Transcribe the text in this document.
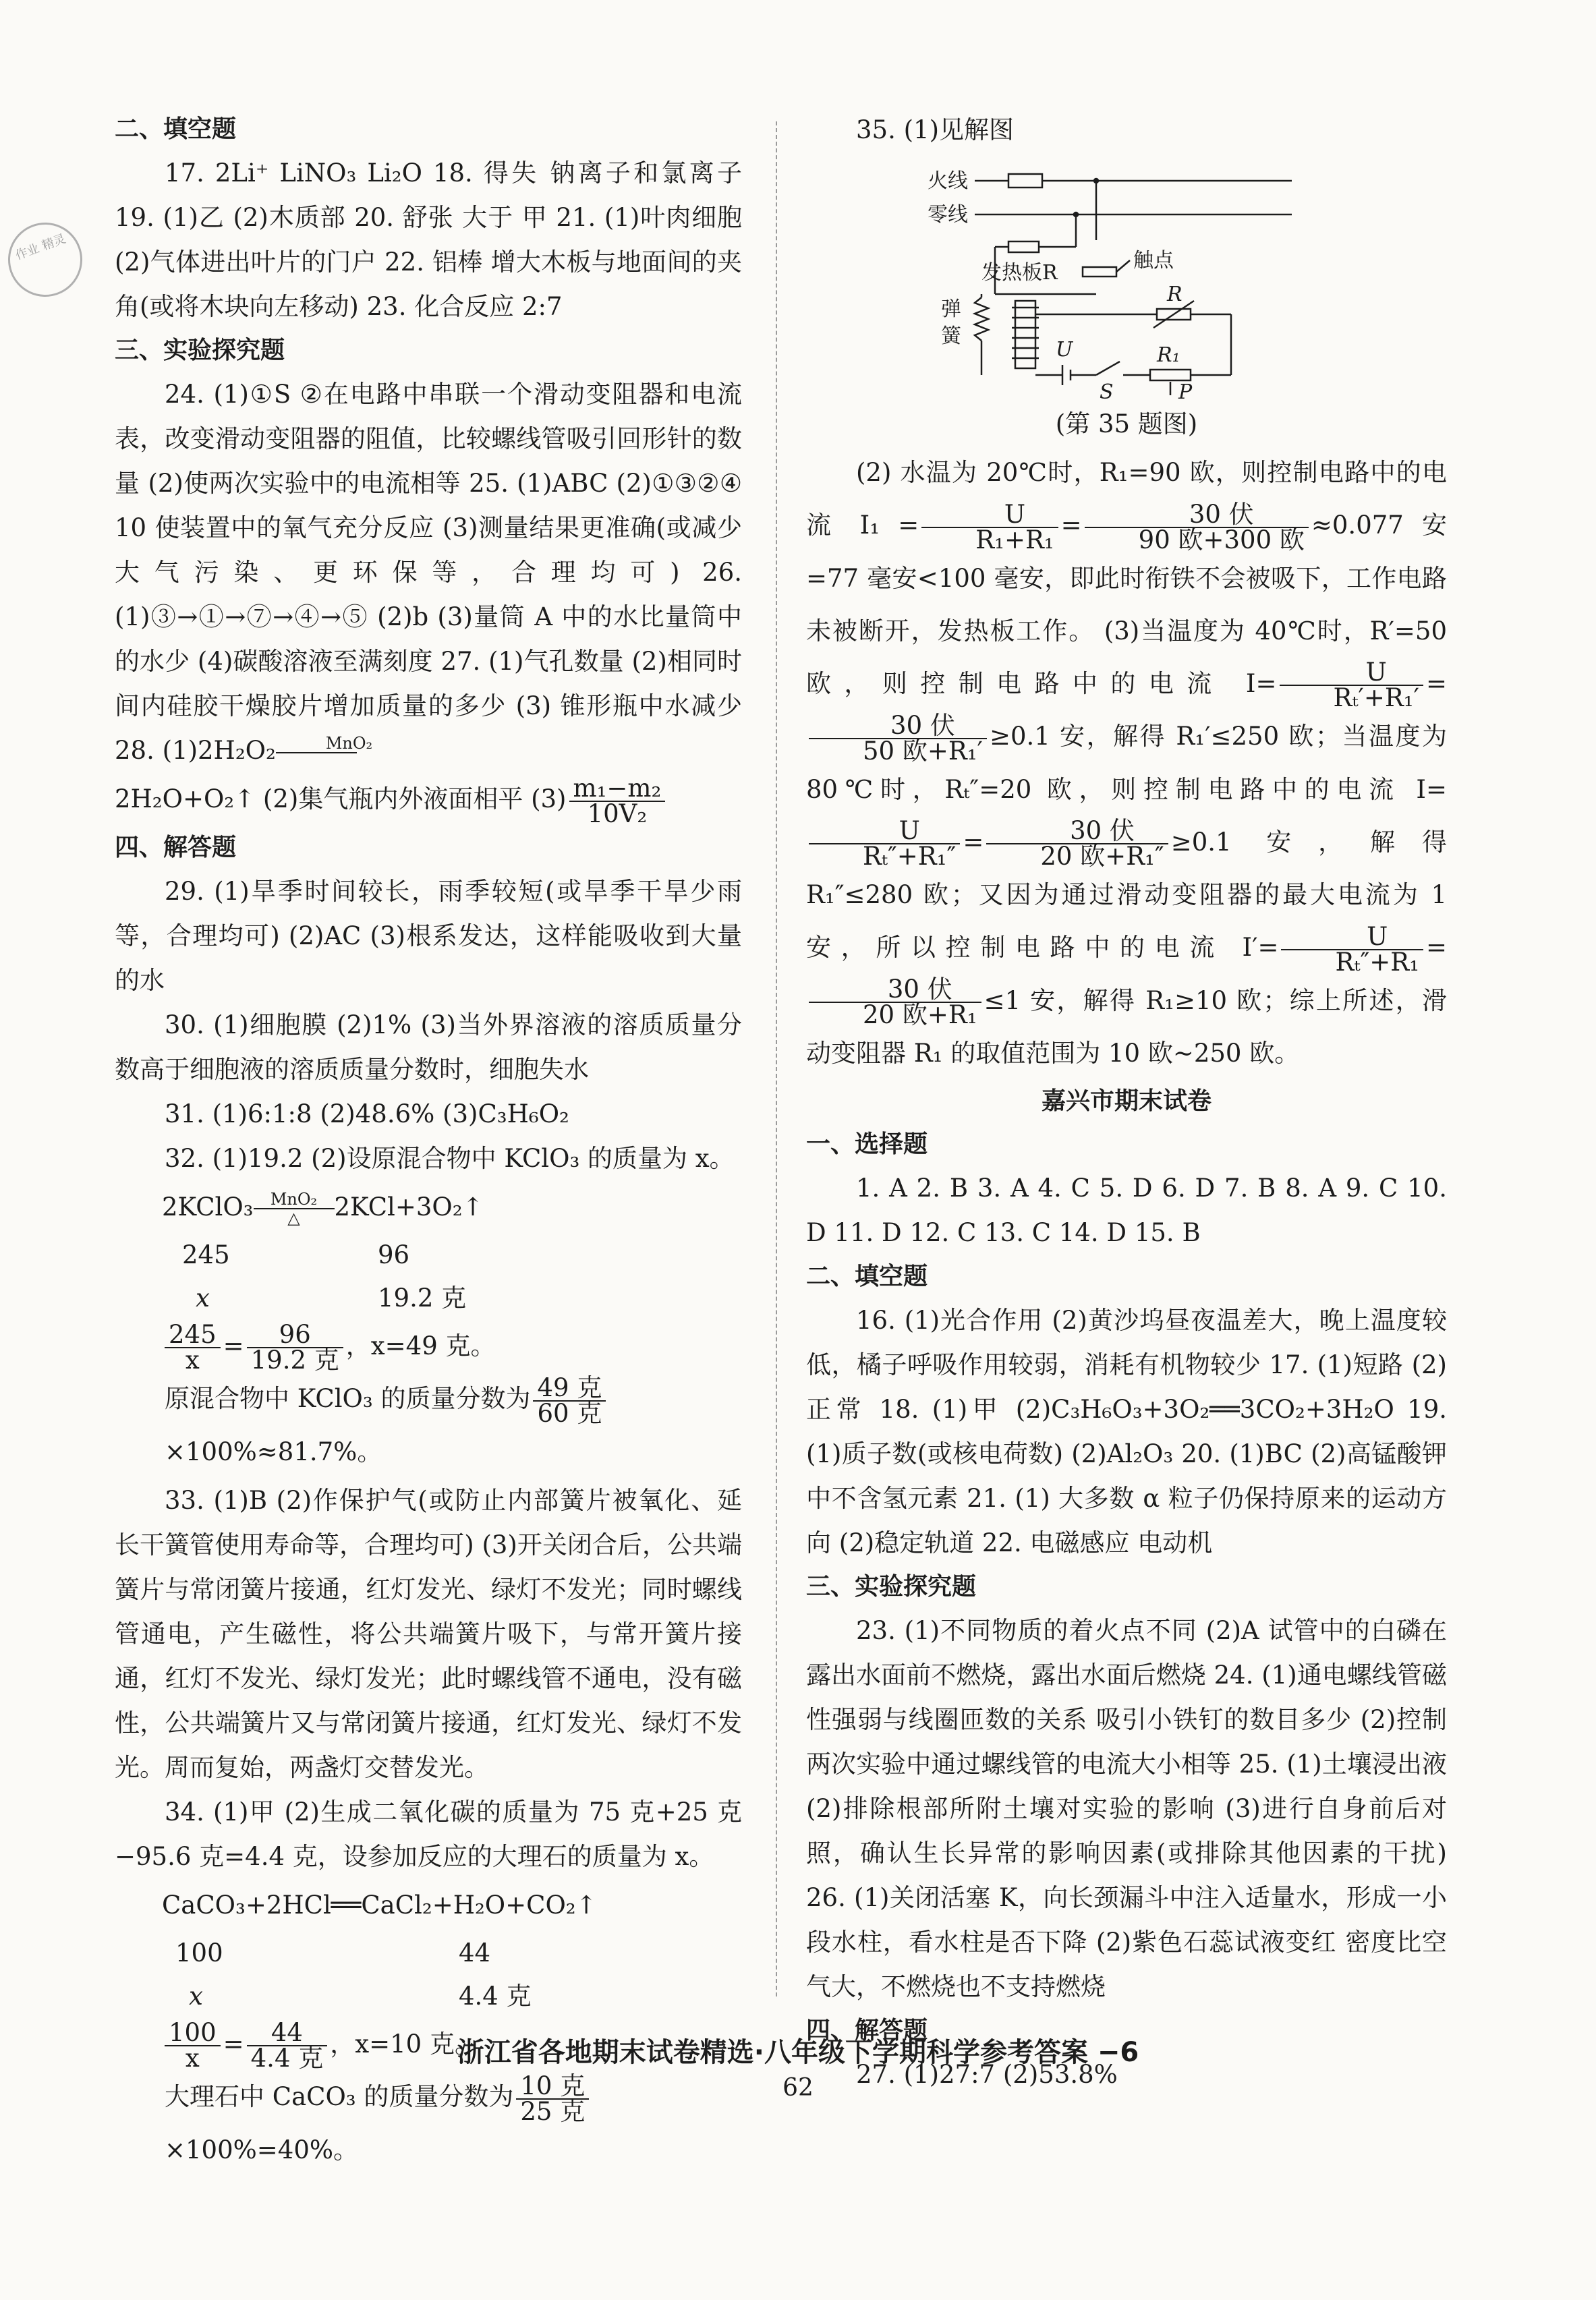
作业 精灵

二、填空题

17. 2Li⁺ LiNO₃ Li₂O 18. 得失 钠离子和氯离子 19. (1)乙 (2)木质部 20. 舒张 大于 甲 21. (1)叶肉细胞 (2)气体进出叶片的门户 22. 铝棒 增大木板与地面间的夹角(或将木块向左移动) 23. 化合反应 2:7

三、实验探究题

24. (1)①S ②在电路中串联一个滑动变阻器和电流表，改变滑动变阻器的阻值，比较螺线管吸引回形针的数量 (2)使两次实验中的电流相等 25. (1)ABC (2)①③②④ 10 使装置中的氧气充分反应 (3)测量结果更准确(或减少大气污染、更环保等，合理均可) 26. (1)③→①→⑦→④→⑤ (2)b (3)量筒 A 中的水比量筒中的水少 (4)碳酸溶液至满刻度 27. (1)气孔数量 (2)相同时间内硅胶干燥胶片增加质量的多少 (3) 锥形瓶中水减少 28. (1)2H₂O₂	MnO₂

2H₂O+O₂↑ (2)集气瓶内外液面相平 $(3) \frac{\text{m₁−m₂}}{\text{10V₂}}$

四、解答题

29. (1)旱季时间较长，雨季较短(或旱季干旱少雨等，合理均可) (2)AC (3)根系发达，这样能吸收到大量的水

30. (1)细胞膜 (2)1% (3)当外界溶液的溶质质量分数高于细胞液的溶质质量分数时，细胞失水

31. (1)6:1:8 (2)48.6% (3)C₃H₆O₂

32. (1)19.2 (2)设原混合物中 KClO₃ 的质量为 x。

2KClO₃	MnO₂
△	2KCl+3O₂↑
245	96
x	19.2 克
$\frac{245}{x} = \frac{96}{\text{19.2 克}}$ ，x=49 克。
原混合物中 KClO₃ 的质量分数为 $\frac{\text{49 克}}{\text{60 克}}$
×100%≈81.7%。

33. (1)B (2)作保护气(或防止内部簧片被氧化、延长干簧管使用寿命等，合理均可) (3)开关闭合后，公共端簧片与常闭簧片接通，红灯发光、绿灯不发光；同时螺线管通电，产生磁性，将公共端簧片吸下，与常开簧片接通，红灯不发光、绿灯发光；此时螺线管不通电，没有磁性，公共端簧片又与常闭簧片接通，红灯发光、绿灯不发光。周而复始，两盏灯交替发光。

34. (1)甲 (2)生成二氧化碳的质量为 75 克+25 克−95.6 克=4.4 克，设参加反应的大理石的质量为 x。

CaCO₃+2HCl══CaCl₂+H₂O+CO₂↑
100	44
x	4.4 克
$\frac{100}{x} = \frac{44}{\text{4.4 克}}$ ，x=10 克。
大理石中 CaCO₃ 的质量分数为 $\frac{\text{10 克}}{\text{25 克}}$
×100%=40%。

35. (1)见解图

火线
零线
发热板R
触点
弹
簧
R
U
S
R₁
P

(第 35 题图)

(2) 水温为 20℃时，R₁=90 欧，则控制电路中的电流 $I_1 = \frac{U}{\text{R₁+R₁}} = \frac{\text{30 伏}}{\text{90 欧+300 欧}} \approx 0.077$ 安=77 毫安<100 毫安，即此时衔铁不会被吸下，工作电路未被断开，发热板工作。 (3)当温度为 40℃时，R′=50 欧，则控制电路中的电流 $I= \frac{U}{\text{Rₜ′+R₁′}}$ =
$\frac{\text{30 伏}}{\text{50 欧+R₁′}} \ge 0.1$ 安，解得 R₁′≤250 欧；当温度为 80℃时，Rₜ″=20 欧，则控制电路中的电流 I=
$\frac{U}{\text{Rₜ″+R₁″}} = \frac{\text{30 伏}}{\text{20 欧+R₁″}} \ge 0.1$ 安，解得 R₁″≤280 欧；又因为通过滑动变阻器的最大电流为 1 安，所以控制电路中的电流 $I'= \frac{U}{\text{Rₜ″+R₁}}$ =
$\frac{\text{30 伏}}{\text{20 欧+R₁}} \le 1$ 安，解得 R₁≥10 欧；综上所述，滑动变阻器 R₁ 的取值范围为 10 欧~250 欧。

嘉兴市期末试卷

一、选择题

1. A 2. B 3. A 4. C 5. D 6. D 7. B 8. A 9. C 10. D 11. D 12. C 13. C 14. D 15. B

二、填空题

16. (1)光合作用 (2)黄沙坞昼夜温差大，晚上温度较低，橘子呼吸作用较弱，消耗有机物较少 17. (1)短路 (2)正常 18. (1)甲 (2)C₃H₆O₃+3O₂══3CO₂+3H₂O 19. (1)质子数(或核电荷数) (2)Al₂O₃ 20. (1)BC (2)高锰酸钾中不含氢元素 21. (1) 大多数 α 粒子仍保持原来的运动方向 (2)稳定轨道 22. 电磁感应 电动机

三、实验探究题

23. (1)不同物质的着火点不同 (2)A 试管中的白磷在露出水面前不燃烧，露出水面后燃烧 24. (1)通电螺线管磁性强弱与线圈匝数的关系 吸引小铁钉的数目多少 (2)控制两次实验中通过螺线管的电流大小相等 25. (1)土壤浸出液 (2)排除根部所附土壤对实验的影响 (3)进行自身前后对照，确认生长异常的影响因素(或排除其他因素的干扰) 26. (1)关闭活塞 K，向长颈漏斗中注入适量水，形成一小段水柱，看水柱是否下降 (2)紫色石蕊试液变红 密度比空气大，不燃烧也不支持燃烧

四、解答题

27. (1)27:7 (2)53.8%

浙江省各地期末试卷精选·八年级下学期科学参考答案 −6
62
